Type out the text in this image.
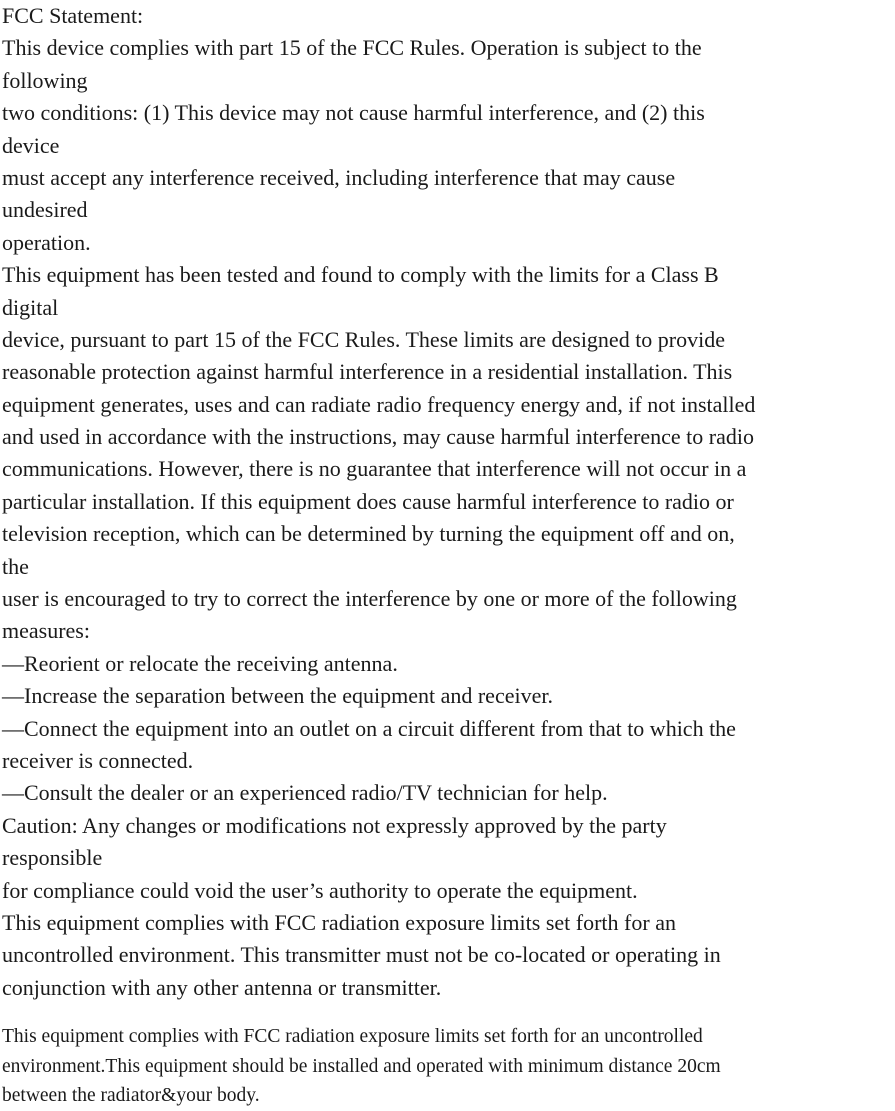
FCC Statement:
This device complies with part 15 of the FCC Rules. Operation is subject to the
following
two conditions: (1) This device may not cause harmful interference, and (2) this
device
must accept any interference received, including interference that may cause
undesired
operation.
This equipment has been tested and found to comply with the limits for a Class B
digital
device, pursuant to part 15 of the FCC Rules. These limits are designed to provide
reasonable protection against harmful interference in a residential installation. This
equipment generates, uses and can radiate radio frequency energy and, if not installed
and used in accordance with the instructions, may cause harmful interference to radio
communications. However, there is no guarantee that interference will not occur in a
particular installation. If this equipment does cause harmful interference to radio or
television reception, which can be determined by turning the equipment off and on,
the
user is encouraged to try to correct the interference by one or more of the following
measures:
—Reorient or relocate the receiving antenna.
—Increase the separation between the equipment and receiver.
—Connect the equipment into an outlet on a circuit different from that to which the
receiver is connected.
—Consult the dealer or an experienced radio/TV technician for help.
Caution: Any changes or modifications not expressly approved by the party
responsible
for compliance could void the user’s authority to operate the equipment.
This equipment complies with FCC radiation exposure limits set forth for an
uncontrolled environment. This transmitter must not be co-located or operating in
conjunction with any other antenna or transmitter.
This equipment complies with FCC radiation exposure limits set forth for an uncontrolled
environment.This equipment should be installed and operated with minimum distance 20cm
between the radiator&your body.
